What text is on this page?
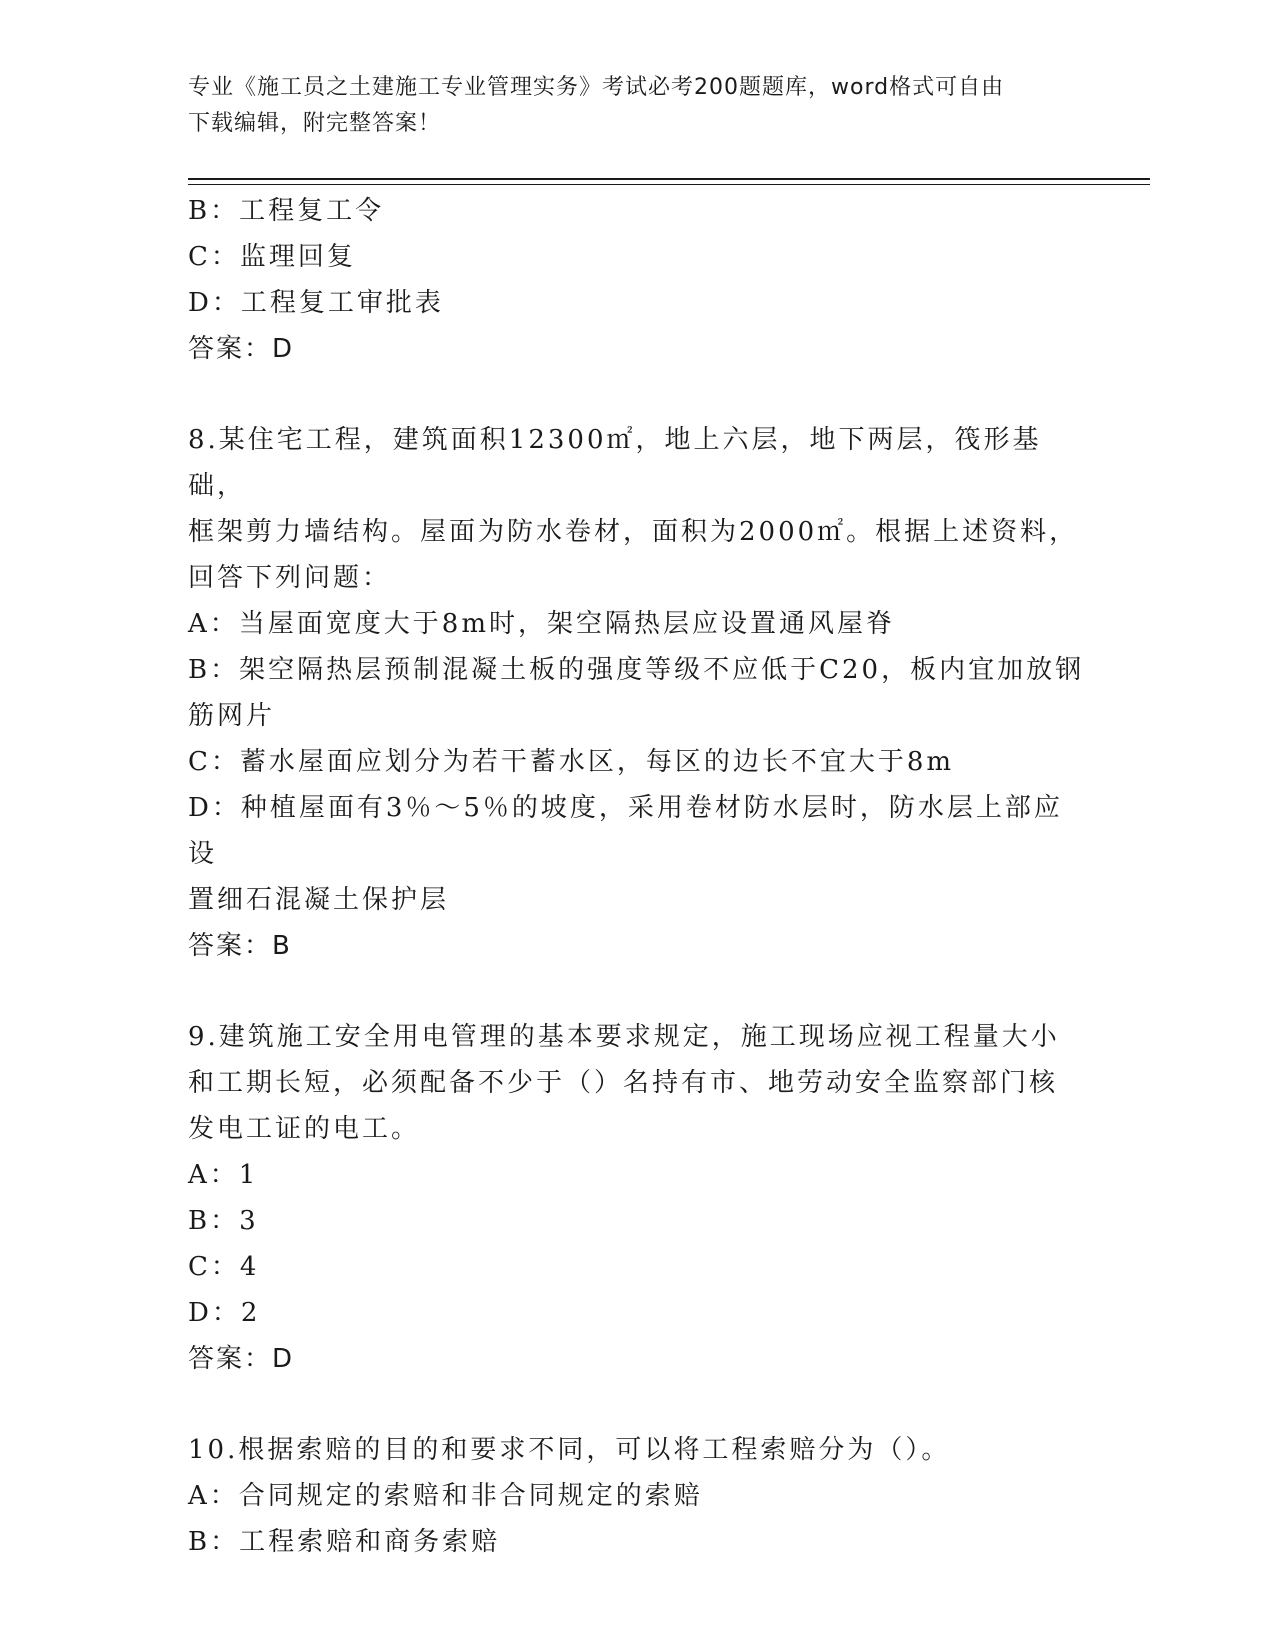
专业《施工员之土建施工专业管理实务》考试必考200题题库，word格式可自由
下载编辑，附完整答案！
B：工程复工令
C：监理回复
D：工程复工审批表
答案：D
8.某住宅工程，建筑面积12300㎡，地上六层，地下两层，筏形基础，
框架剪力墙结构。屋面为防水卷材，面积为2000㎡。根据上述资料，
回答下列问题：
A：当屋面宽度大于8m时，架空隔热层应设置通风屋脊
B：架空隔热层预制混凝土板的强度等级不应低于C20，板内宜加放钢
筋网片
C：蓄水屋面应划分为若干蓄水区，每区的边长不宜大于8m
D：种植屋面有3％～5％的坡度，采用卷材防水层时，防水层上部应设
置细石混凝土保护层
答案：B
9.建筑施工安全用电管理的基本要求规定，施工现场应视工程量大小
和工期长短，必须配备不少于（）名持有市、地劳动安全监察部门核
发电工证的电工。
A：1
B：3
C：4
D：2
答案：D
10.根据索赔的目的和要求不同，可以将工程索赔分为（）。
A：合同规定的索赔和非合同规定的索赔
B：工程索赔和商务索赔
